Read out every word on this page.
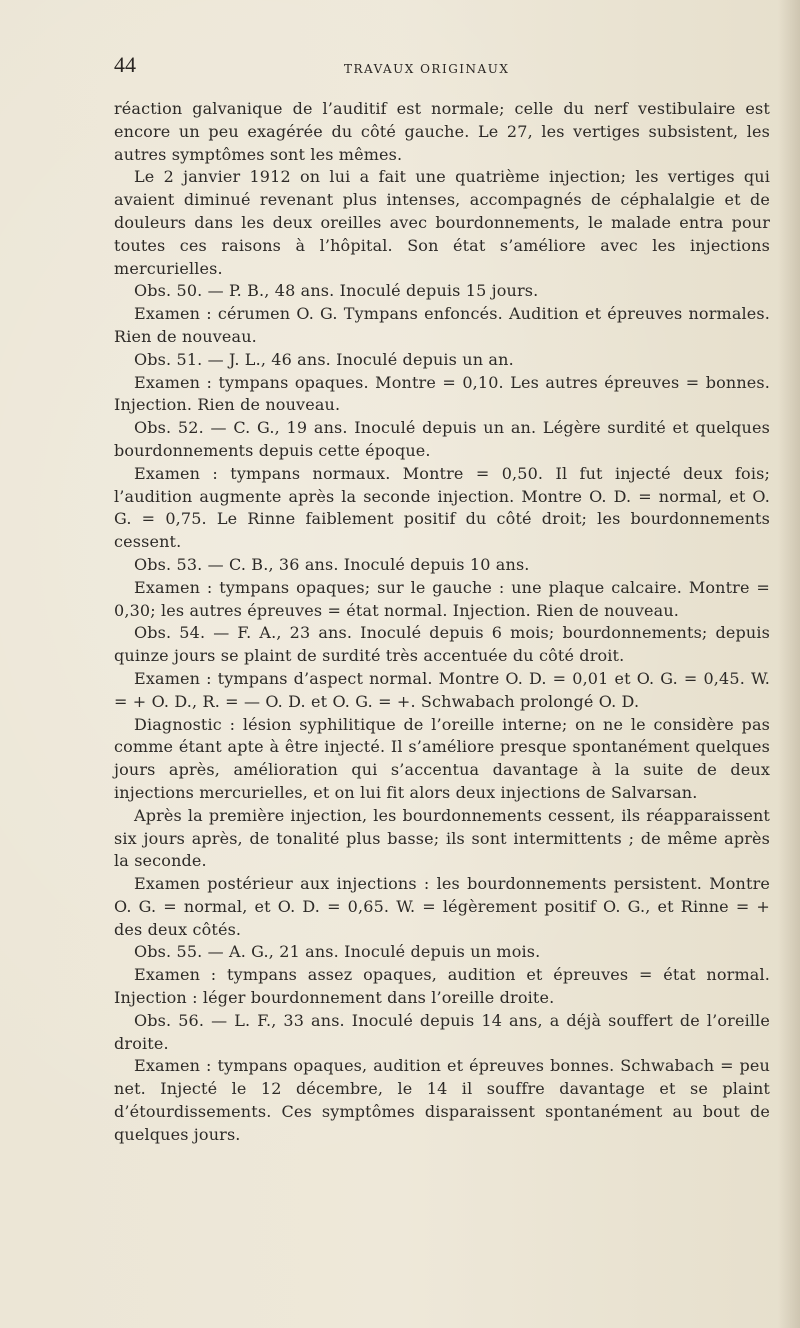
44	TRAVAUX ORIGINAUX

réaction galvanique de l’auditif est normale; celle du nerf vestibulaire est encore un peu exagérée du côté gauche. Le 27, les vertiges subsistent, les autres symptômes sont les mêmes.

Le 2 janvier 1912 on lui a fait une quatrième injection; les vertiges qui avaient diminué revenant plus intenses, accompagnés de céphalalgie et de douleurs dans les deux oreilles avec bourdonnements, le malade entra pour toutes ces raisons à l’hôpital. Son état s’améliore avec les injections mercurielles.

Obs. 50. — P. B., 48 ans. Inoculé depuis 15 jours.

Examen : cérumen O. G. Tympans enfoncés. Audition et épreuves normales. Rien de nouveau.

Obs. 51. — J. L., 46 ans. Inoculé depuis un an.

Examen : tympans opaques. Montre = 0,10. Les autres épreuves = bonnes. Injection. Rien de nouveau.

Obs. 52. — C. G., 19 ans. Inoculé depuis un an. Légère surdité et quelques bourdonnements depuis cette époque.

Examen : tympans normaux. Montre = 0,50. Il fut injecté deux fois; l’audition augmente après la seconde injection. Montre O. D. = normal, et O. G. = 0,75. Le Rinne faiblement positif du côté droit; les bourdonnements cessent.

Obs. 53. — C. B., 36 ans. Inoculé depuis 10 ans.

Examen : tympans opaques; sur le gauche : une plaque calcaire. Montre = 0,30; les autres épreuves = état normal. Injection. Rien de nouveau.

Obs. 54. — F. A., 23 ans. Inoculé depuis 6 mois; bourdonnements; depuis quinze jours se plaint de surdité très accentuée du côté droit.

Examen : tympans d’aspect normal. Montre O. D. = 0,01 et O. G. = 0,45. W. = + O. D., R. = — O. D. et O. G. = +. Schwabach prolongé O. D.

Diagnostic : lésion syphilitique de l’oreille interne; on ne le considère pas comme étant apte à être injecté. Il s’améliore presque spontanément quelques jours après, amélioration qui s’accentua davantage à la suite de deux injections mercurielles, et on lui fit alors deux injections de Salvarsan.

Après la première injection, les bourdonnements cessent, ils réapparaissent six jours après, de tonalité plus basse; ils sont intermittents ; de même après la seconde.

Examen postérieur aux injections : les bourdonnements persistent. Montre O. G. = normal, et O. D. = 0,65. W. = légèrement positif O. G., et Rinne = + des deux côtés.

Obs. 55. — A. G., 21 ans. Inoculé depuis un mois.

Examen : tympans assez opaques, audition et épreuves = état normal. Injection : léger bourdonnement dans l’oreille droite.

Obs. 56. — L. F., 33 ans. Inoculé depuis 14 ans, a déjà souffert de l’oreille droite.

Examen : tympans opaques, audition et épreuves bonnes. Schwabach = peu net. Injecté le 12 décembre, le 14 il souffre davantage et se plaint d’étourdissements. Ces symptômes disparaissent spontanément au bout de quelques jours.
